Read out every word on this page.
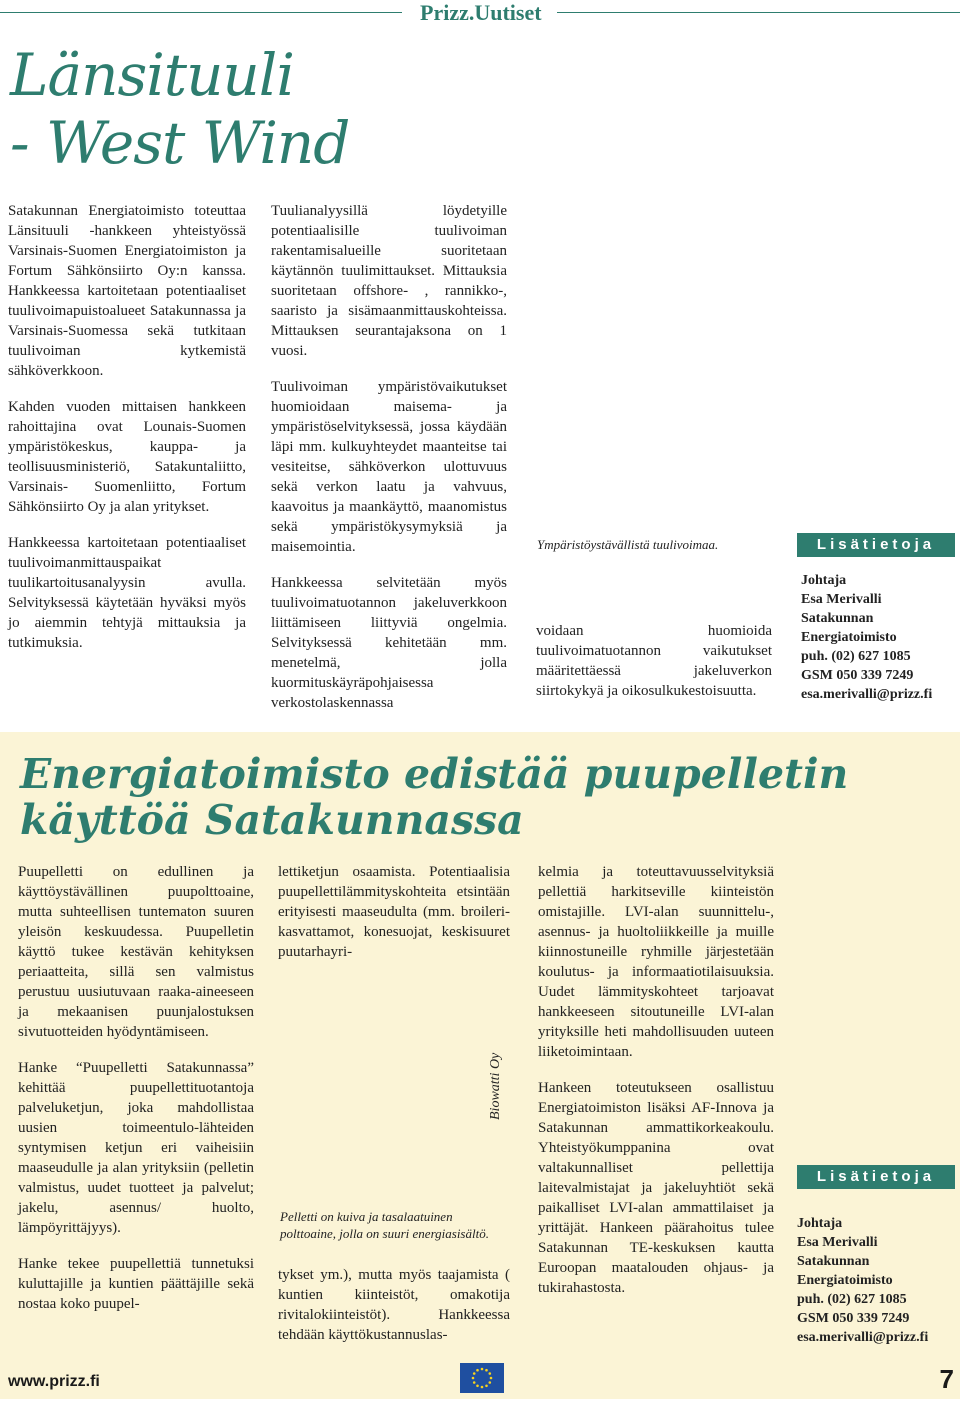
Prizz.Uutiset
Länsituuli
- West Wind

Satakunnan Energiatoimisto toteuttaa Länsituuli -hankkeen yhteistyössä Varsinais-Suomen Energiatoimiston ja Fortum Sähkönsiirto Oy:n kanssa. Hankkeessa kartoitetaan potentiaaliset tuulivoimapuistoalueet Satakunnassa ja Varsinais-Suomessa sekä tutkitaan tuulivoiman kytkemistä sähköverkkoon.

Kahden vuoden mittaisen hankkeen rahoittajina ovat Lounais-Suomen ympäristökeskus, kauppa- ja teollisuusministeriö, Satakuntaliitto, Varsinais- Suomenliitto, Fortum Sähkönsiirto Oy ja alan yritykset.

Hankkeessa kartoitetaan potentiaaliset tuulivoimanmittauspaikat tuulikartoitusanalyysin avulla. Selvityksessä käytetään hyväksi myös jo aiemmin tehtyjä mittauksia ja tutkimuksia.

Tuulianalyysillä löydetyille potentiaalisille tuulivoiman rakentamisalueille suoritetaan käytännön tuulimittaukset. Mittauksia suoritetaan offshore- , rannikko-, saaristo ja sisämaanmittauskohteissa. Mittauksen seurantajaksona on 1 vuosi.

Tuulivoiman ympäristövaikutukset huomioidaan maisema- ja ympäristöselvityksessä, jossa käydään läpi mm. kulkuyhteydet maanteitse tai vesiteitse, sähköverkon ulottuvuus sekä verkon laatu ja vahvuus, kaavoitus ja maankäyttö, maanomistus sekä ympäristökysymyksiä ja maisemointia.

Hankkeessa selvitetään myös tuulivoimatuotannon jakeluverkkoon liittämiseen liittyviä ongelmia. Selvityksessä kehitetään mm. menetelmä, jolla kuormituskäyräpohjaisessa verkostolaskennassa

Ympäristöystävällistä tuulivoimaa.

voidaan huomioida tuulivoimatuotannon vaikutukset määritettäessä jakeluverkon siirtokykyä ja oikosulkukestoisuutta.

Lisätietoja
Johtaja
Esa Merivalli
Satakunnan
Energiatoimisto
puh. (02) 627 1085
GSM 050 339 7249
esa.merivalli@prizz.fi
Energiatoimisto edistää puupelletin
käyttöä Satakunnassa

Puupelletti on edullinen ja käyttöystävällinen puupolttoaine, mutta suhteellisen tuntematon suuren yleisön keskuudessa. Puupelletin käyttö tukee kestävän kehityksen periaatteita, sillä sen valmistus perustuu uusiutuvaan raaka-aineeseen ja mekaanisen puunjalostuksen sivutuotteiden hyödyntämiseen.

Hanke “Puupelletti Satakunnassa” kehittää puupellettituotantoja palveluketjun, joka mahdollistaa uusien toimeentulo-lähteiden syntymisen ketjun eri vaiheisiin maaseudulle ja alan yrityksiin (pelletin valmistus, uudet tuotteet ja palvelut; jakelu, asennus/ huolto, lämpöyrittäjyys).

Hanke tekee puupellettiä tunnetuksi kuluttajille ja kuntien päättäjille sekä nostaa koko puupel-

lettiketjun osaamista. Potentiaalisia puupellettilämmityskohteita etsintään erityisesti maaseudulta (mm. broileri-kasvattamot, konesuojat, keskisuuret puutarhayri-

Biowatti Oy
Pelletti on kuiva ja tasalaatuinen polttoaine, jolla on suuri energiasisältö.

tykset ym.), mutta myös taajamista ( kuntien kiinteistöt, omakotija rivitalokiinteistöt). Hankkeessa tehdään käyttökustannuslas-

kelmia ja toteuttavuusselvityksiä pellettiä harkitseville kiinteistön omistajille. LVI-alan suunnittelu-, asennus- ja huoltoliikkeille ja muille kiinnostuneille ryhmille järjestetään koulutus- ja informaatiotilaisuuksia. Uudet lämmityskohteet tarjoavat hankkeeseen sitoutuneille LVI-alan yrityksille heti mahdollisuuden uuteen liiketoimintaan.

Hankeen toteutukseen osallistuu Energiatoimiston lisäksi AF-Innova ja Satakunnan ammattikorkeakoulu. Yhteistyökumppanina ovat valtakunnalliset pellettija laitevalmistajat ja jakeluyhtiöt sekä paikalliset LVI-alan ammattilaiset ja yrittäjät. Hankeen päärahoitus tulee Satakunnan TE-keskuksen kautta Euroopan maatalouden ohjaus- ja tukirahastosta.

Lisätietoja
Johtaja
Esa Merivalli
Satakunnan
Energiatoimisto
puh. (02) 627 1085
GSM 050 339 7249
esa.merivalli@prizz.fi
www.prizz.fi	7
